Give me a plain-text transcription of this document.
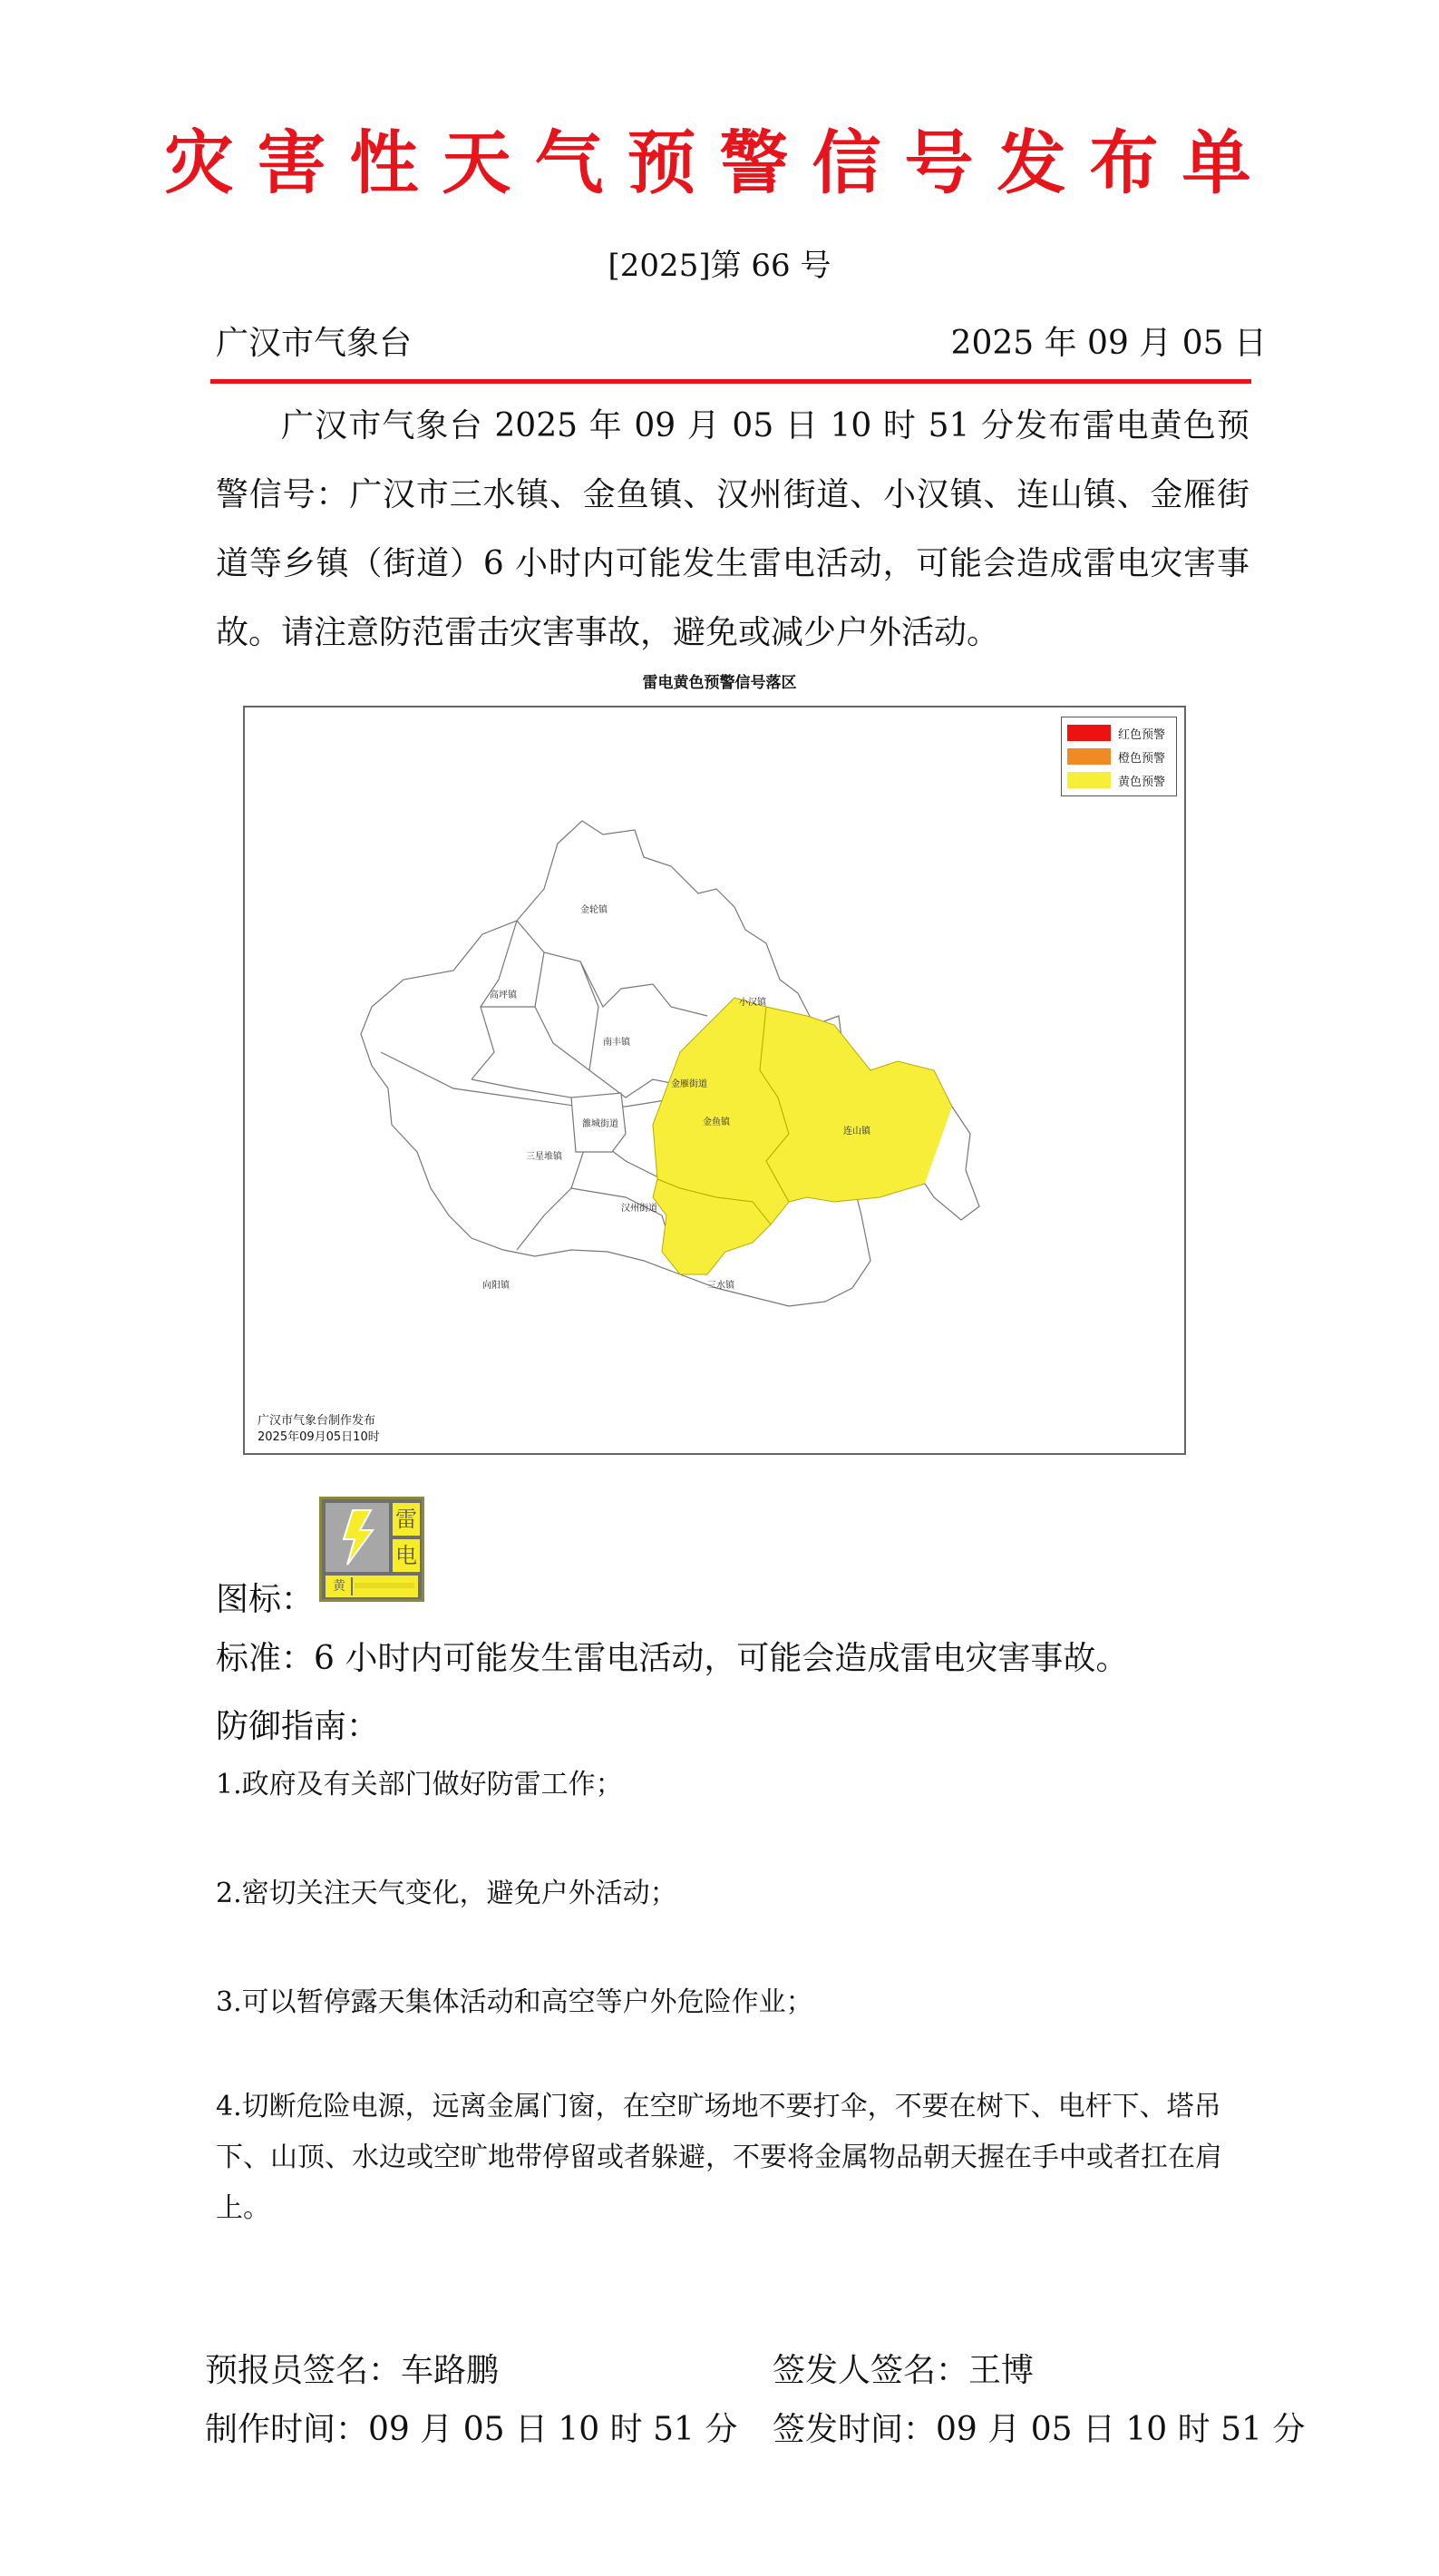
灾害性天气预警信号发布单
[2025]第 66 号
广汉市气象台	2025 年 09 月 05 日
广汉市气象台 2025 年 09 月 05 日 10 时 51 分发布雷电黄色预警信号：广汉市三水镇、金鱼镇、汉州街道、小汉镇、连山镇、金雁街道等乡镇（街道）6 小时内可能发生雷电活动，可能会造成雷电灾害事故。请注意防范雷击灾害事故，避免或减少户外活动。
雷电黄色预警信号落区
金轮镇
高坪镇
小汉镇
南丰镇
金雁街道
三星堆镇
雒城街道	金鱼镇
连山镇
汉州街道
向阳镇	三水镇
红色预警
橙色预警
黄色预警
广汉市气象台制作发布
2025年09月05日10时
图标：
雷
电
黄
标准：6 小时内可能发生雷电活动，可能会造成雷电灾害事故。
防御指南：
1.政府及有关部门做好防雷工作；
2.密切关注天气变化，避免户外活动；
3.可以暂停露天集体活动和高空等户外危险作业；
4.切断危险电源，远离金属门窗，在空旷场地不要打伞，不要在树下、电杆下、塔吊下、山顶、水边或空旷地带停留或者躲避，不要将金属物品朝天握在手中或者扛在肩上。
预报员签名：车路鹏	签发人签名：王博
制作时间：09 月 05 日 10 时 51 分 签发时间：09 月 05 日 10 时 51 分
